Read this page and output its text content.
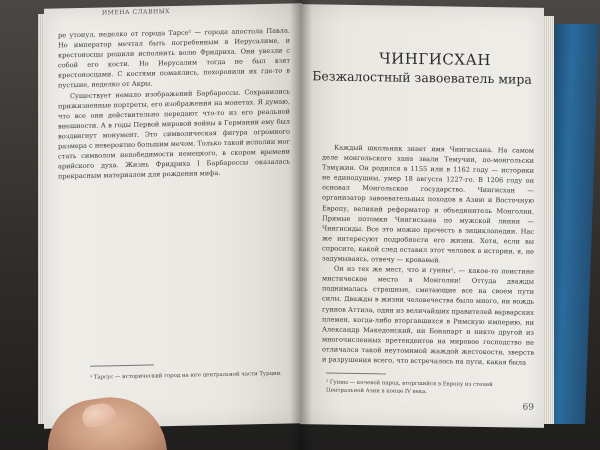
ИМЕНА СЛАВНЫХ

ре утонул, неделко от города Тарсе¹ — города апостола Павла. Но император мечтал быть погребенным в Иерусалиме, и крестоносцы решили исполнить волю Фридриха. Они увезли с собой его кости. Но Иерусалим тогда не был взят крестоносцами. С костями помаялись, похоронили их где-то в пустыне, неделко от Акры.

Существует немало изображений Барбароссы. Сохранились прижизненные портреты, его изображения на монетах. Я думаю, что все они действительно передают что-то из его реальной внешности. А в годы Первой мировой войны в Германии ему был воздвигнут монумент. Это символическая фигура огромного размера с невероятно большим мечом. Только такой исполин мог стать символом непобедимости немецкого, в скором времени арийского духа. Жизнь Фридриха I Барбароссы оказалась прекрасным материалом для рождения мифа.

¹ Тарсус — исторический город на юге центральной части Турции.
ЧИНГИСХАН
Безжалостный завоеватель мира

Каждый школьник знает имя Чингисхана. На самом деле монгольского хана звали Темучин, по-монгольски Тэмүжин. Он родился в 1155 или в 1162 году — историки не единодушны, умер 18 августа 1227-го. В 1206 году он основал Монгольское государство. Чингисхан — организатор завоевательных походов в Азию и Восточную Европу, великий реформатор и объединитель Монголии. Прямые потомки Чингисхана по мужской линии — Чингисиды. Все это можно прочесть в энциклопедии. Нас же интересуют подробности его жизни. Хотя, если вы спросите, какой след оставил этот человек в истории, я, не задумываясь, отвечу — кровавый.

Он из тех же мест, что и гунны¹, — какое-то поистине мистическое место в Монголии! Оттуда дважды поднималась страшные, сметающие все на своем пути силы. Дважды в жизни человечества было много, ни вождь гуннов Аттила, один из величайших правителей варварских племен, когда-либо вторгавшихся в Римскую империю, ни Александр Македонский, ни Бонапарт и никто другой из многочисленных претендентов на мировое господство не отличался такой неутомимой жаждой жестокости, зверств и разрушения всего, что встречалось на пути, какая была

¹ Гунны — кочевой народ, вторгшийся в Европу из степей Центральной Азии в конце IV века.
69
